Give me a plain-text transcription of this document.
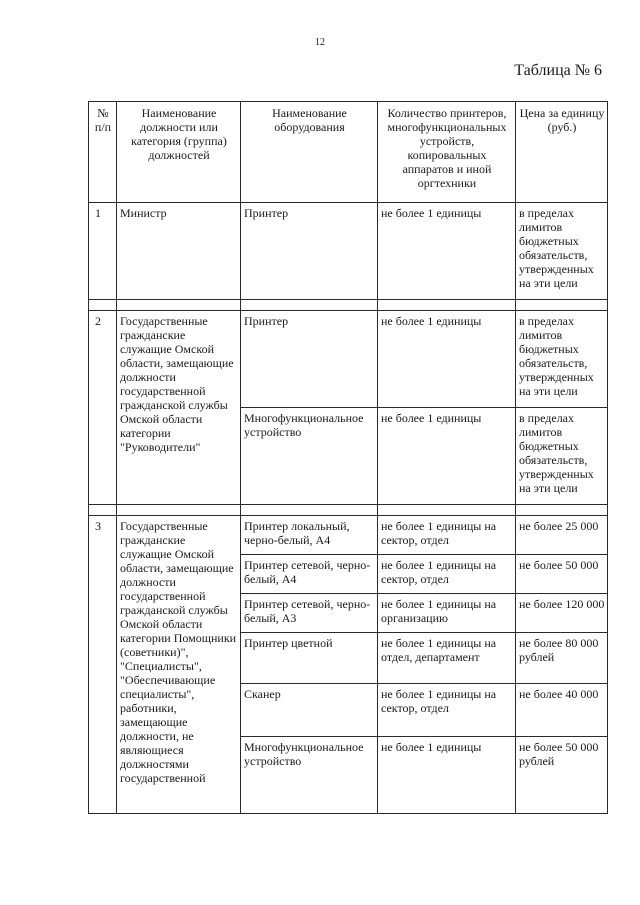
12
Таблица № 6
№ п/п	Наименование должности или категория (группа) должностей	Наименование оборудования	Количество принтеров, многофункциональных устройств, копировальных аппаратов и иной оргтехники	Цена за единицу (руб.)
1	Министр	Принтер	не более 1 единицы	в пределах лимитов бюджетных обязательств, утвержденных на эти цели

2	Государственные гражданские служащие Омской области, замещающие должности государственной гражданской службы Омской области категории "Руководители"	Принтер	не более 1 единицы	в пределах лимитов бюджетных обязательств, утвержденных на эти цели
		Многофункциональное устройство	не более 1 единицы	в пределах лимитов бюджетных обязательств, утвержденных на эти цели

3	Государственные гражданские служащие Омской области, замещающие должности государственной гражданской службы Омской области категории Помощники (советники)", "Специалисты", "Обеспечивающие специалисты", работники, замещающие должности, не являющиеся должностями государственной	Принтер локальный, черно-белый, А4	не более 1 единицы на сектор, отдел	не более 25 000
		Принтер сетевой, черно-белый, А4	не более 1 единицы на сектор, отдел	не более 50 000
		Принтер сетевой, черно-белый, А3	не более 1 единицы на организацию	не более 120 000
		Принтер цветной	не более 1 единицы на отдел, департамент	не более 80 000 рублей
		Сканер	не более 1 единицы на сектор, отдел	не более 40 000
		Многофункциональное устройство	не более 1 единицы	не более 50 000 рублей
